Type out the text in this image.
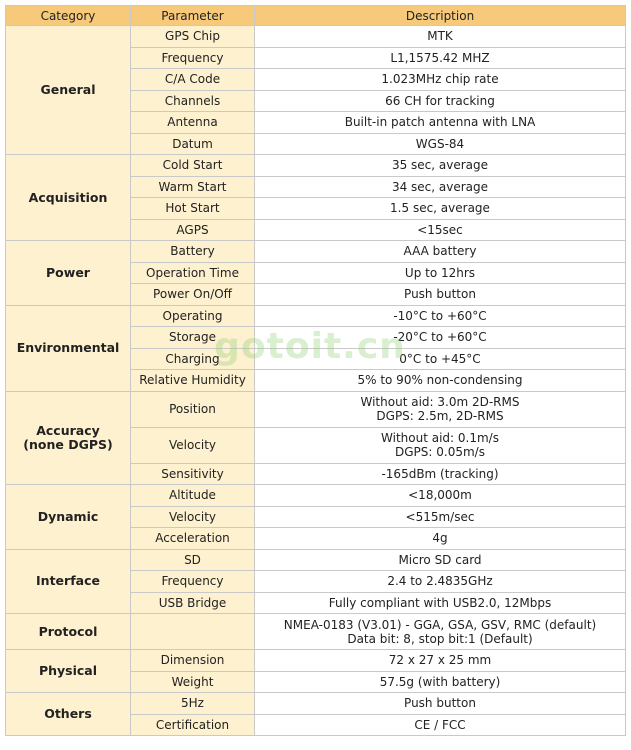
Category	Parameter	Description
General	GPS Chip	MTK

	Frequency	L1,1575.42 MHZ

	C/A Code	1.023MHz chip rate

	Channels	66 CH for tracking

	Antenna	Built-in patch antenna with LNA

	Datum	WGS-84

Acquisition	Cold Start	35 sec, average

	Warm Start	34 sec, average

	Hot Start	1.5 sec, average

	AGPS	<15sec

Power	Battery	AAA battery

	Operation Time	Up to 12hrs

	Power On/Off	Push button

Environmental	Operating	-10°C to +60°C

	Storage	-20°C to +60°C

	Charging	0°C to +45°C

	Relative Humidity	5% to 90% non-condensing

Accuracy
(none DGPS)	Position	Without aid: 3.0m 2D-RMS
DGPS: 2.5m, 2D-RMS

	Velocity	Without aid: 0.1m/s
DGPS: 0.05m/s

	Sensitivity	-165dBm (tracking)

Dynamic	Altitude	<18,000m

	Velocity	<515m/sec

	Acceleration	4g

Interface	SD	Micro SD card

	Frequency	2.4 to 2.4835GHz

	USB Bridge	Fully compliant with USB2.0, 12Mbps

Protocol		NMEA-0183 (V3.01) - GGA, GSA, GSV, RMC (default)
Data bit: 8, stop bit:1 (Default)

Physical	Dimension	72 x 27 x 25 mm

	Weight	57.5g (with battery)

Others	5Hz	Push button

	Certification	CE / FCC
gotoit.cn
